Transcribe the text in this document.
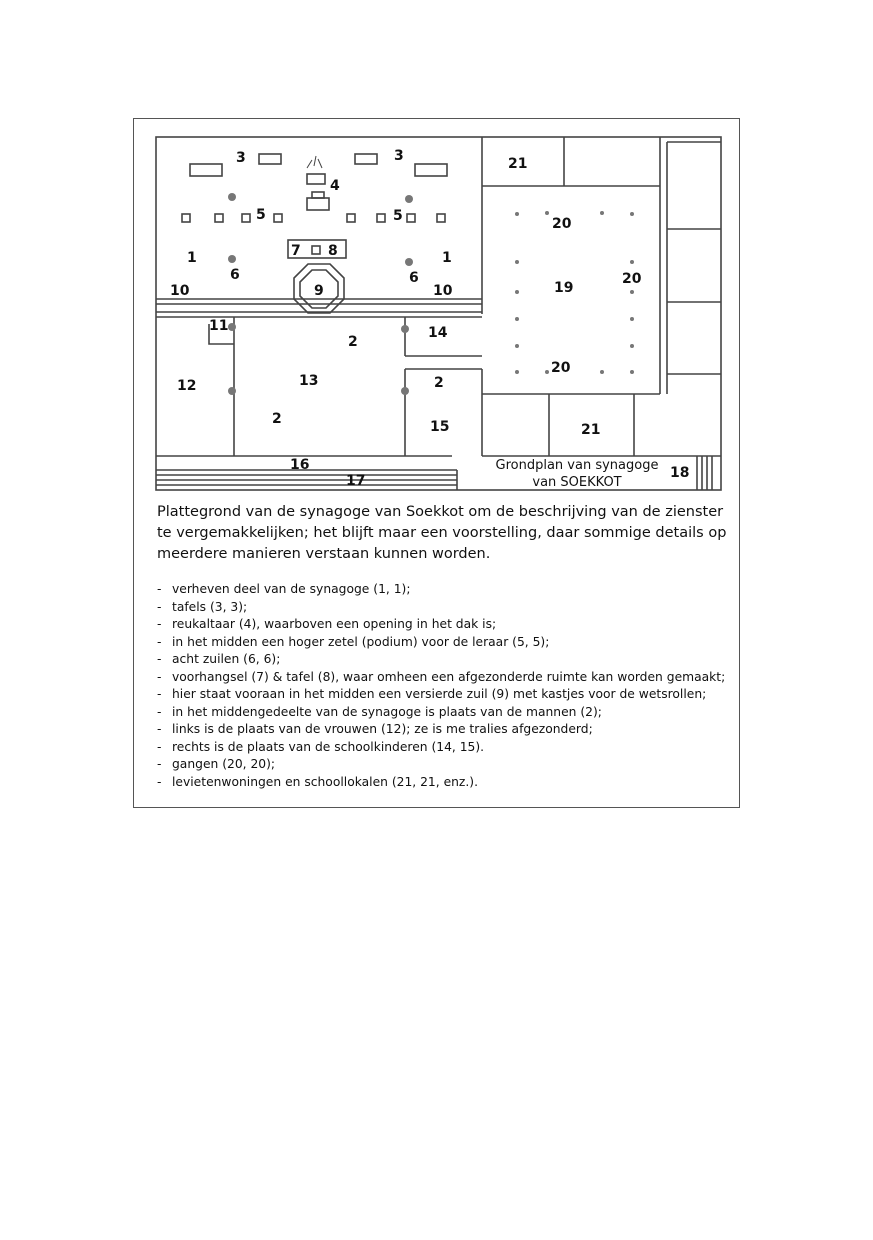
1	1
3	3
4
5	5
6	6
7 8
9
10	10
11
12	13
2
2
2
14
15
16
17	18
19
20
20
20
21
21
Grondplan van synagoge
van SOEKKOT

Plattegrond van de synagoge van Soekkot om de beschrijving van de zienster te vergemakkelijken; het blijft maar een voorstelling, daar sommige details op meerdere manieren verstaan kunnen worden.

- verheven deel van de synagoge (1, 1);
- tafels (3, 3);
- reukaltaar (4), waarboven een opening in het dak is;
- in het midden een hoger zetel (podium) voor de leraar (5, 5);
- acht zuilen (6, 6);
- voorhangsel (7) & tafel (8), waar omheen een afgezonderde ruimte kan worden gemaakt;
- hier staat vooraan in het midden een versierde zuil (9) met kastjes voor de wetsrollen;
- in het middengedeelte van de synagoge is plaats van de mannen (2);
- links is de plaats van de vrouwen (12); ze is me tralies afgezonderd;
- rechts is de plaats van de schoolkinderen (14, 15).
- gangen (20, 20);
- levietenwoningen en schoollokalen (21, 21, enz.).
